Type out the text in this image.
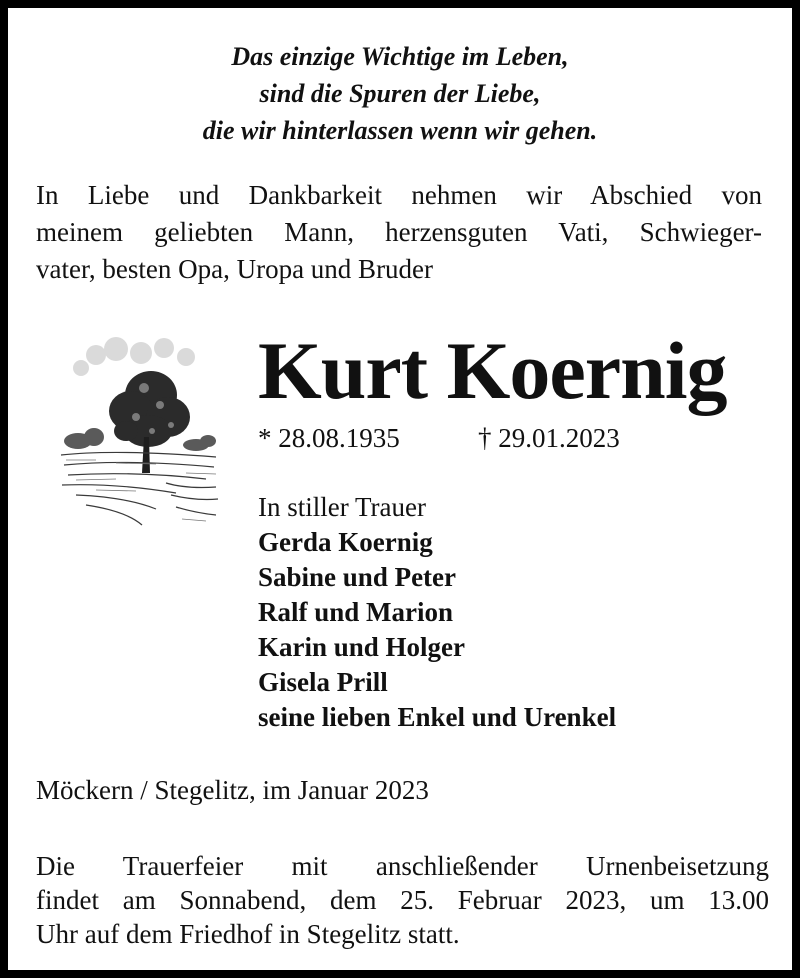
Das einzige Wichtige im Leben,
sind die Spuren der Liebe,
die wir hinterlassen wenn wir gehen.
In Liebe und Dankbarkeit nehmen wir Abschied von
meinem geliebten Mann, herzensguten Vati, Schwieger-
vater, besten Opa, Uropa und Bruder
Kurt Koernig
* 28.08.1935	† 29.01.2023
In stiller Trauer
Gerda Koernig
Sabine und Peter
Ralf und Marion
Karin und Holger
Gisela Prill
seine lieben Enkel und Urenkel
Möckern / Stegelitz, im Januar 2023
Die Trauerfeier mit anschließender Urnenbeisetzung
findet am Sonnabend, dem 25. Februar 2023, um 13.00
Uhr auf dem Friedhof in Stegelitz statt.
